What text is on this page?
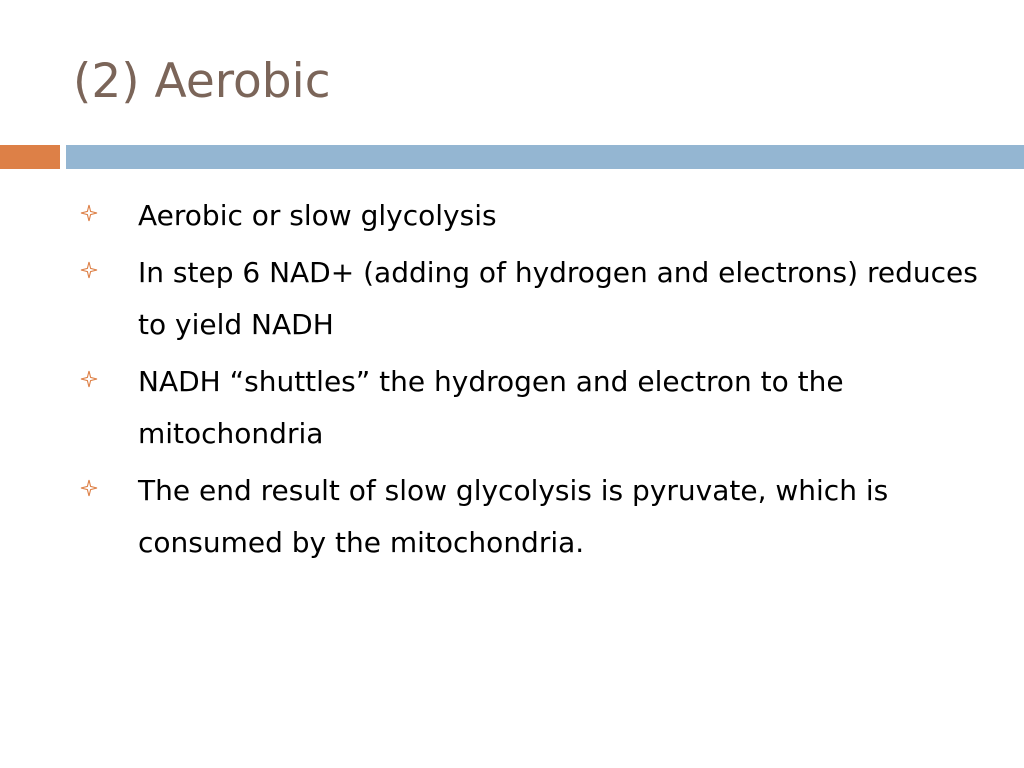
(2) Aerobic
Aerobic or slow glycolysis
In step 6 NAD+ (adding of hydrogen and electrons) reduces to yield NADH
NADH “shuttles” the hydrogen and electron to the mitochondria
The end result of slow glycolysis is pyruvate, which is consumed by the mitochondria.
